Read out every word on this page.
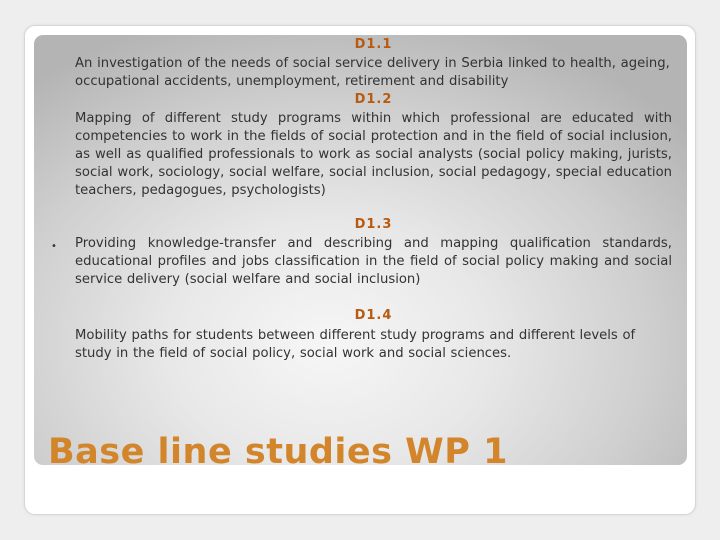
D1.1
An investigation of the needs of social service delivery in Serbia linked to health, ageing, occupational accidents, unemployment, retirement and disability
D1.2
Mapping of different study programs within which professional are educated with competencies to work in the fields of social protection and in the field of social inclusion, as well as qualified professionals to work as social analysts (social policy making, jurists, social work, sociology, social welfare, social inclusion, social pedagogy, special education teachers, pedagogues, psychologists)
D1.3
• Providing knowledge-transfer and describing and mapping qualification standards, educational profiles and jobs classification in the field of social policy making and social service delivery (social welfare and social inclusion)
D1.4
Mobility paths for students between different study programs and different levels of study in the field of social policy, social work and social sciences.
Base line studies WP 1
